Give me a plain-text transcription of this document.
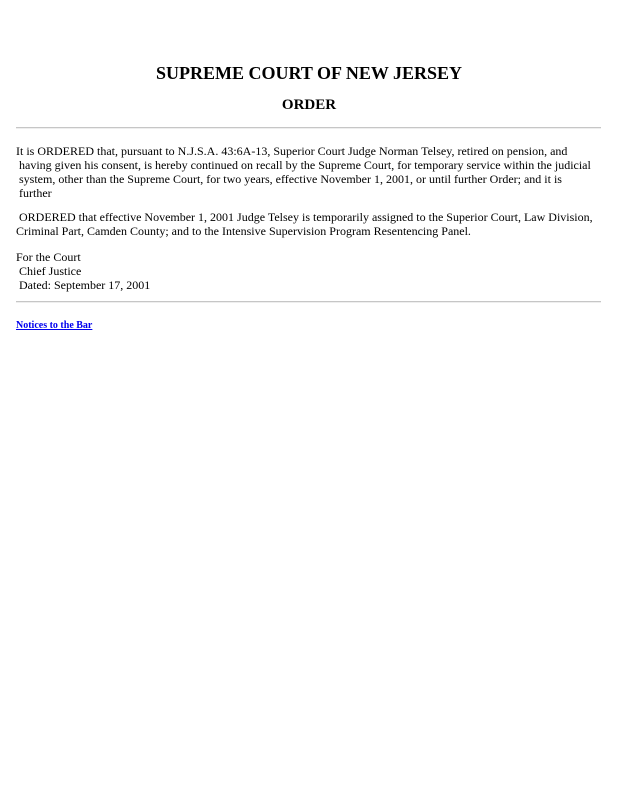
SUPREME COURT OF NEW JERSEY
ORDER
It is ORDERED that, pursuant to N.J.S.A. 43:6A-13, Superior Court Judge Norman Telsey, retired on pension, and
having given his consent, is hereby continued on recall by the Supreme Court, for temporary service within the judicial
system, other than the Supreme Court, for two years, effective November 1, 2001, or until further Order; and it is
further
ORDERED that effective November 1, 2001 Judge Telsey is temporarily assigned to the Superior Court, Law Division,
Criminal Part, Camden County; and to the Intensive Supervision Program Resentencing Panel.
For the Court
Chief Justice
Dated: September 17, 2001
Notices to the Bar
